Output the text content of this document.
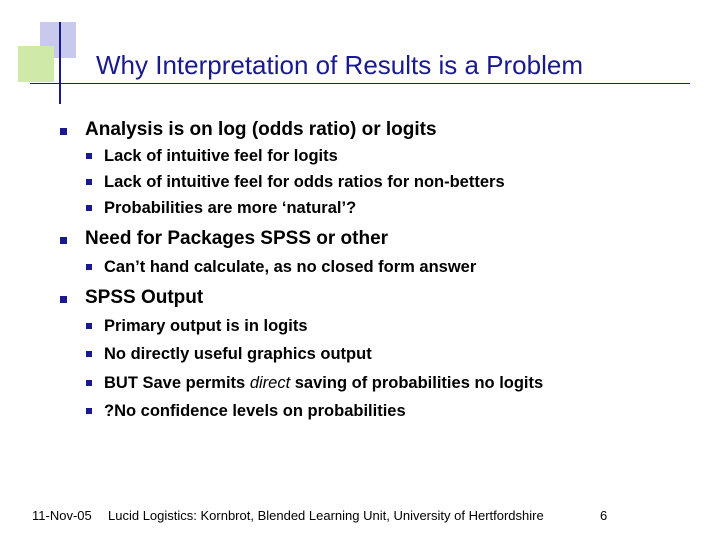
Why Interpretation of Results is a Problem
Analysis is on log (odds ratio) or logits
Lack of intuitive feel for logits
Lack of intuitive feel for odds ratios for non-betters
Probabilities are more ‘natural’?
Need for Packages SPSS or other
Can’t hand calculate, as no closed form answer
SPSS Output
Primary output is in logits
No directly useful graphics output
BUT Save permits direct saving of probabilities no logits
?No confidence levels on probabilities
11-Nov-05 Lucid Logistics: Kornbrot, Blended Learning Unit, University of Hertfordshire	6
